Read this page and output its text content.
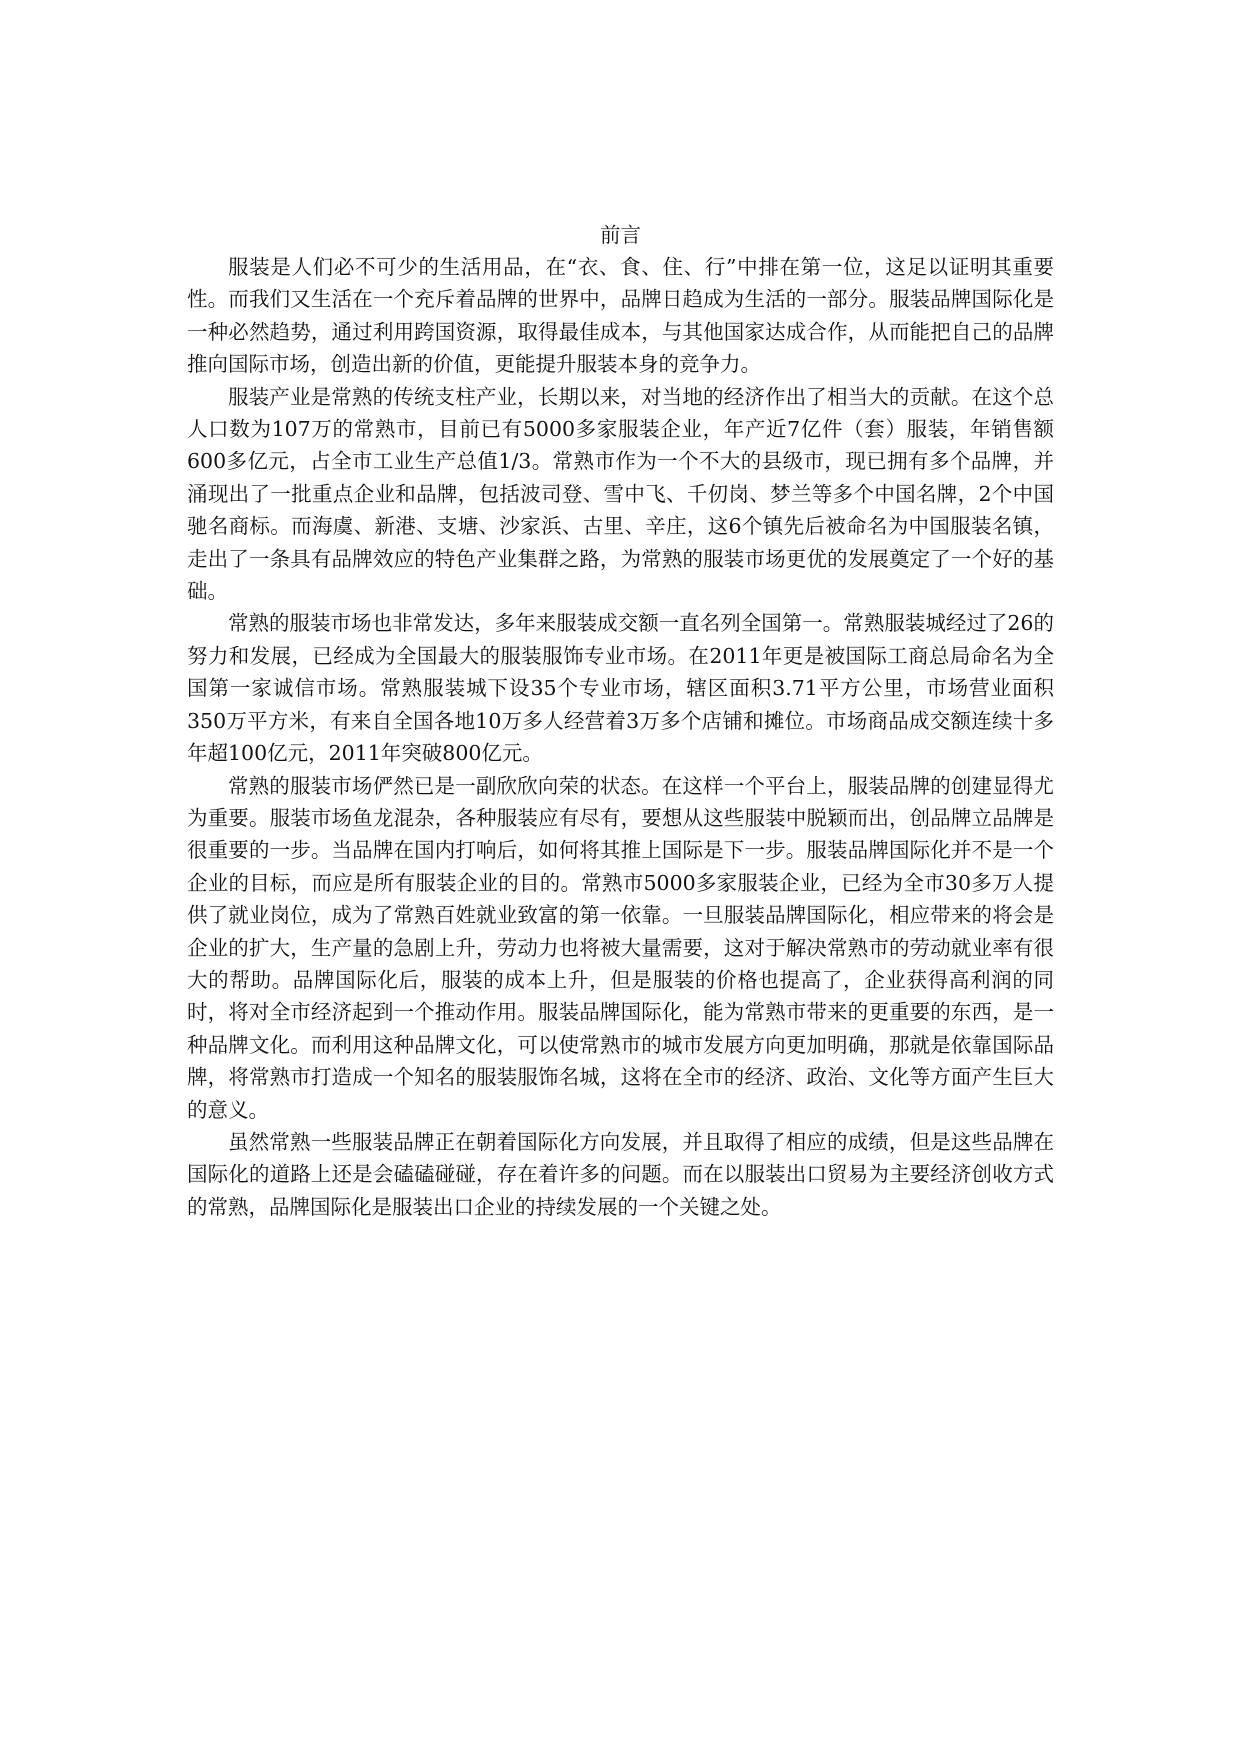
前言

服装是人们必不可少的生活用品，在“衣、食、住、行”中排在第一位，这足以证明其重要性。而我们又生活在一个充斥着品牌的世界中，品牌日趋成为生活的一部分。服装品牌国际化是一种必然趋势，通过利用跨国资源，取得最佳成本，与其他国家达成合作，从而能把自己的品牌推向国际市场，创造出新的价值，更能提升服装本身的竞争力。

服装产业是常熟的传统支柱产业，长期以来，对当地的经济作出了相当大的贡献。在这个总人口数为107万的常熟市，目前已有5000多家服装企业，年产近7亿件（套）服装，年销售额600多亿元，占全市工业生产总值1/3。常熟市作为一个不大的县级市，现已拥有多个品牌，并涌现出了一批重点企业和品牌，包括波司登、雪中飞、千仞岗、梦兰等多个中国名牌，2个中国驰名商标。而海虞、新港、支塘、沙家浜、古里、辛庄，这6个镇先后被命名为中国服装名镇，走出了一条具有品牌效应的特色产业集群之路，为常熟的服装市场更优的发展奠定了一个好的基础。

常熟的服装市场也非常发达，多年来服装成交额一直名列全国第一。常熟服装城经过了26的努力和发展，已经成为全国最大的服装服饰专业市场。在2011年更是被国际工商总局命名为全国第一家诚信市场。常熟服装城下设35个专业市场，辖区面积3.71平方公里，市场营业面积350万平方米，有来自全国各地10万多人经营着3万多个店铺和摊位。市场商品成交额连续十多年超100亿元，2011年突破800亿元。

常熟的服装市场俨然已是一副欣欣向荣的状态。在这样一个平台上，服装品牌的创建显得尤为重要。服装市场鱼龙混杂，各种服装应有尽有，要想从这些服装中脱颖而出，创品牌立品牌是很重要的一步。当品牌在国内打响后，如何将其推上国际是下一步。服装品牌国际化并不是一个企业的目标，而应是所有服装企业的目的。常熟市5000多家服装企业，已经为全市30多万人提供了就业岗位，成为了常熟百姓就业致富的第一依靠。一旦服装品牌国际化，相应带来的将会是企业的扩大，生产量的急剧上升，劳动力也将被大量需要，这对于解决常熟市的劳动就业率有很大的帮助。品牌国际化后，服装的成本上升，但是服装的价格也提高了，企业获得高利润的同时，将对全市经济起到一个推动作用。服装品牌国际化，能为常熟市带来的更重要的东西，是一种品牌文化。而利用这种品牌文化，可以使常熟市的城市发展方向更加明确，那就是依靠国际品牌，将常熟市打造成一个知名的服装服饰名城，这将在全市的经济、政治、文化等方面产生巨大的意义。

虽然常熟一些服装品牌正在朝着国际化方向发展，并且取得了相应的成绩，但是这些品牌在国际化的道路上还是会磕磕碰碰，存在着许多的问题。而在以服装出口贸易为主要经济创收方式的常熟，品牌国际化是服装出口企业的持续发展的一个关键之处。
